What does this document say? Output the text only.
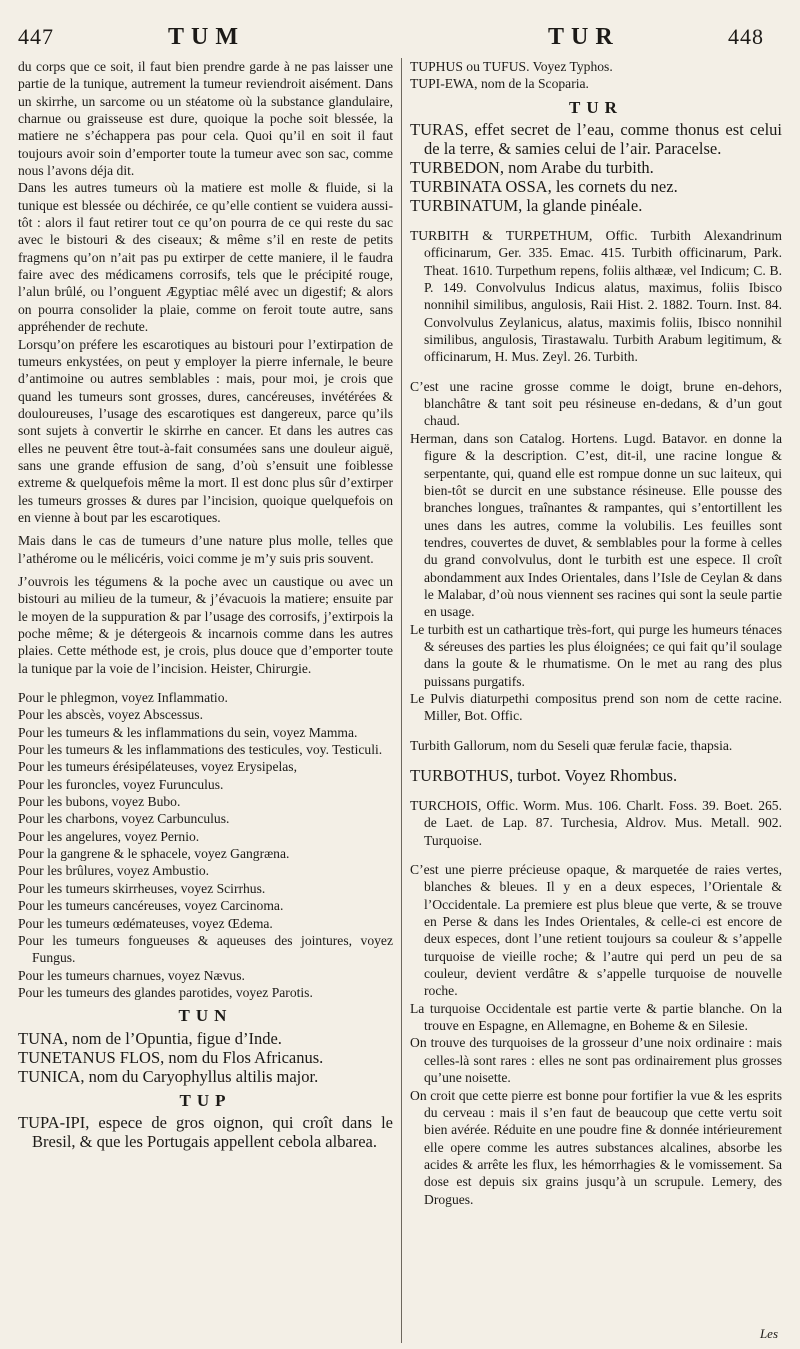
447	TUM	TUR	448

du corps que ce soit, il faut bien prendre garde à ne pas laisser une partie de la tunique, autrement la tumeur reviendroit aisément. Dans un skirrhe, un sarcome ou un stéatome où la substance glandulaire, charnue ou graisseuse est dure, quoique la poche soit blessée, la matiere ne s’échappera pas pour cela. Quoi qu’il en soit il faut toujours avoir soin d’emporter toute la tumeur avec son sac, comme nous l’avons déja dit.

Dans les autres tumeurs où la matiere est molle & fluide, si la tunique est blessée ou déchirée, ce qu’elle contient se vuidera aussi-tôt : alors il faut retirer tout ce qu’on pourra de ce qui reste du sac avec le bistouri & des ciseaux; & même s’il en reste de petits fragmens qu’on n’ait pas pu extirper de cette maniere, il le faudra faire avec des médicamens corrosifs, tels que le précipité rouge, l’alun brûlé, ou l’onguent Ægyptiac mêlé avec un digestif; & alors on pourra consolider la plaie, comme on feroit toute autre, sans appréhender de rechute.

Lorsqu’on préfere les escarotiques au bistouri pour l’extirpation de tumeurs enkystées, on peut y employer la pierre infernale, le beure d’antimoine ou autres semblables : mais, pour moi, je crois que quand les tumeurs sont grosses, dures, cancéreuses, invétérées & douloureuses, l’usage des escarotiques est dangereux, parce qu’ils sont sujets à convertir le skirrhe en cancer. Et dans les autres cas elles ne peuvent être tout-à-fait consumées sans une douleur aiguë, sans une grande effusion de sang, d’où s’ensuit une foiblesse extreme & quelquefois même la mort. Il est donc plus sûr d’extirper les tumeurs grosses & dures par l’incision, quoique quelquefois on en vienne à bout par les escarotiques.

Mais dans le cas de tumeurs d’une nature plus molle, telles que l’athérome ou le mélicéris, voici comme je m’y suis pris souvent.

J’ouvrois les tégumens & la poche avec un caustique ou avec un bistouri au milieu de la tumeur, & j’évacuois la matiere; ensuite par le moyen de la suppuration & par l’usage des corrosifs, j’extirpois la poche même; & je détergeois & incarnois comme dans les autres plaies. Cette méthode est, je crois, plus douce que d’emporter toute la tunique par la voie de l’incision. Heister, Chirurgie.

Pour le phlegmon, voyez Inflammatio.

Pour les abscès, voyez Abscessus.

Pour les tumeurs & les inflammations du sein, voyez Mamma.

Pour les tumeurs & les inflammations des testicules, voy. Testiculi.

Pour les tumeurs érésipélateuses, voyez Erysipelas,

Pour les furoncles, voyez Furunculus.

Pour les bubons, voyez Bubo.

Pour les charbons, voyez Carbunculus.

Pour les angelures, voyez Pernio.

Pour la gangrene & le sphacele, voyez Gangræna.

Pour les brûlures, voyez Ambustio.

Pour les tumeurs skirrheuses, voyez Scirrhus.

Pour les tumeurs cancéreuses, voyez Carcinoma.

Pour les tumeurs œdémateuses, voyez Œdema.

Pour les tumeurs fongueuses & aqueuses des jointures, voyez Fungus.

Pour les tumeurs charnues, voyez Nævus.

Pour les tumeurs des glandes parotides, voyez Parotis.

TUN

TUNA, nom de l’Opuntia, figue d’Inde.

TUNETANUS FLOS, nom du Flos Africanus.

TUNICA, nom du Caryophyllus altilis major.

TUP

TUPA-IPI, espece de gros oignon, qui croît dans le Bresil, & que les Portugais appellent cebola albarea.

TUPHUS ou TUFUS. Voyez Typhos.

TUPI-EWA, nom de la Scoparia.

TUR

TURAS, effet secret de l’eau, comme thonus est celui de la terre, & samies celui de l’air. Paracelse.

TURBEDON, nom Arabe du turbith.

TURBINATA OSSA, les cornets du nez.

TURBINATUM, la glande pinéale.

TURBITH & TURPETHUM, Offic. Turbith Alexandrinum officinarum, Ger. 335. Emac. 415. Turbith officinarum, Park. Theat. 1610. Turpethum repens, foliis althææ, vel Indicum; C. B. P. 149. Convolvulus Indicus alatus, maximus, foliis Ibisco nonnihil similibus, angulosis, Raii Hist. 2. 1882. Tourn. Inst. 84. Convolvulus Zeylanicus, alatus, maximis foliis, Ibisco nonnihil similibus, angulosis, Tirastawalu. Turbith Arabum legitimum, & officinarum, H. Mus. Zeyl. 26. Turbith.

C’est une racine grosse comme le doigt, brune en-dehors, blanchâtre & tant soit peu résineuse en-dedans, & d’un gout chaud.

Herman, dans son Catalog. Hortens. Lugd. Batavor. en donne la figure & la description. C’est, dit-il, une racine longue & serpentante, qui, quand elle est rompue donne un suc laiteux, qui bien-tôt se durcit en une substance résineuse. Elle pousse des branches longues, traînantes & rampantes, qui s’entortillent les unes dans les autres, comme la volubilis. Les feuilles sont tendres, couvertes de duvet, & semblables pour la forme à celles du grand convolvulus, dont le turbith est une espece. Il croît abondamment aux Indes Orientales, dans l’Isle de Ceylan & dans le Malabar, d’où nous viennent ses racines qui sont la seule partie en usage.

Le turbith est un cathartique très-fort, qui purge les humeurs ténaces & séreuses des parties les plus éloignées; ce qui fait qu’il soulage dans la goute & le rhumatisme. On le met au rang des plus puissans purgatifs.

Le Pulvis diaturpethi compositus prend son nom de cette racine. Miller, Bot. Offic.

Turbith Gallorum, nom du Seseli quæ ferulæ facie, thapsia.

TURBOTHUS, turbot. Voyez Rhombus.

TURCHOIS, Offic. Worm. Mus. 106. Charlt. Foss. 39. Boet. 265. de Laet. de Lap. 87. Turchesia, Aldrov. Mus. Metall. 902. Turquoise.

C’est une pierre précieuse opaque, & marquetée de raies vertes, blanches & bleues. Il y en a deux especes, l’Orientale & l’Occidentale. La premiere est plus bleue que verte, & se trouve en Perse & dans les Indes Orientales, & celle-ci est encore de deux especes, dont l’une retient toujours sa couleur & s’appelle turquoise de vieille roche; & l’autre qui perd un peu de sa couleur, devient verdâtre & s’appelle turquoise de nouvelle roche.

La turquoise Occidentale est partie verte & partie blanche. On la trouve en Espagne, en Allemagne, en Boheme & en Silesie.

On trouve des turquoises de la grosseur d’une noix ordinaire : mais celles-là sont rares : elles ne sont pas ordinairement plus grosses qu’une noisette.

On croit que cette pierre est bonne pour fortifier la vue & les esprits du cerveau : mais il s’en faut de beaucoup que cette vertu soit bien avérée. Réduite en une poudre fine & donnée intérieurement elle opere comme les autres substances alcalines, absorbe les acides & arrête les flux, les hémorrhagies & le vomissement. Sa dose est depuis six grains jusqu’à un scrupule. Lemery, des Drogues.

Les
